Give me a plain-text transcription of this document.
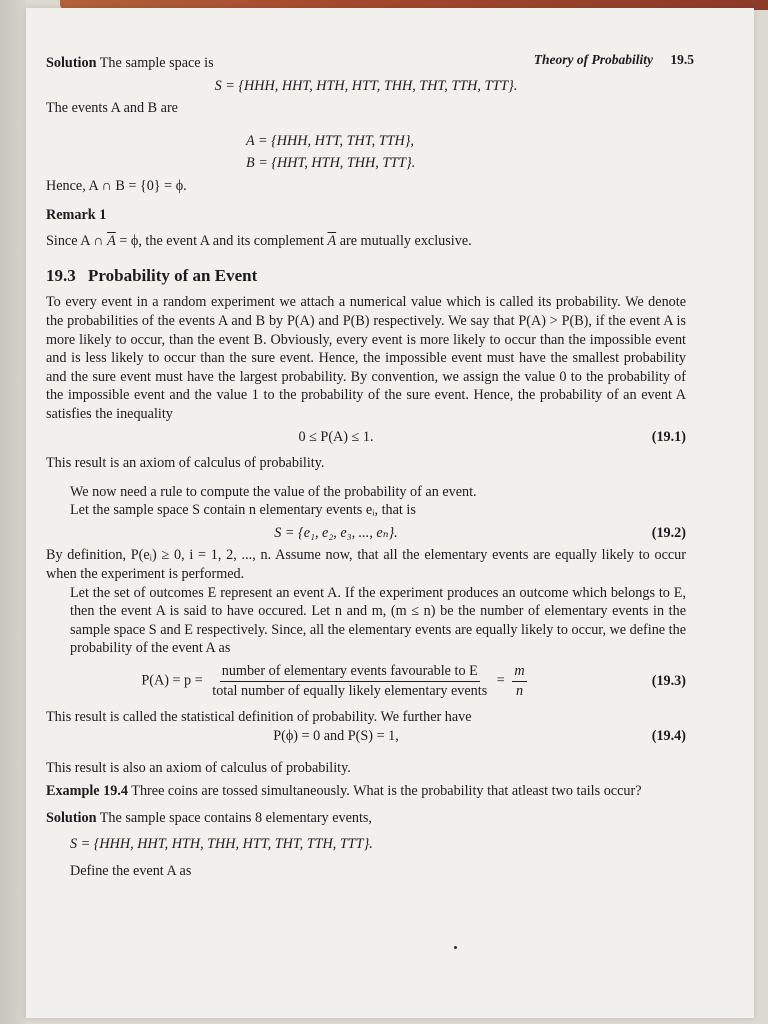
Theory of Probability 19.5

Solution The sample space is

S = {HHH, HHT, HTH, HTT, THH, THT, TTH, TTT}.

The events A and B are

A = {HHH, HTT, THT, TTH},

B = {HHT, HTH, THH, TTT}.

Hence, A ∩ B = {0} = ϕ.

Remark 1

Since A ∩ $\overline{A} = \phi$, the event A and its complement $\overline{A}$ are mutually exclusive.

19.3 Probability of an Event

To every event in a random experiment we attach a numerical value which is called its probability. We denote the probabilities of the events A and B by P(A) and P(B) respectively. We say that P(A) > P(B), if the event A is more likely to occur, than the event B. Obviously, every event is more likely to occur than the impossible event and is less likely to occur than the sure event. Hence, the impossible event must have the smallest probability and the sure event must have the largest probability. By convention, we assign the value 0 to the probability of the impossible event and the value 1 to the probability of the sure event. Hence, the probability of an event A satisfies the inequality

0 ≤ P(A) ≤ 1.	(19.1)

This result is an axiom of calculus of probability.

We now need a rule to compute the value of the probability of an event.

Let the sample space S contain n elementary events eᵢ, that is

S = {e₁, e₂, e₃, ..., eₙ}.	(19.2)

By definition, P(eᵢ) ≥ 0, i = 1, 2, ..., n. Assume now, that all the elementary events are equally likely to occur when the experiment is performed.

Let the set of outcomes E represent an event A. If the experiment produces an outcome which belongs to E, then the event A is said to have occured. Let n and m, (m ≤ n) be the number of elementary events in the sample space S and E respectively. Since, all the elementary events are equally likely to occur, we define the probability of the event A as

$P(A) = p = \frac{\text{number of elementary events favourable to E}}{\text{total number of equally likely elementary events}} = \frac{m}{n}$	(19.3)

This result is called the statistical definition of probability. We further have

P(ϕ) = 0 and P(S) = 1,	(19.4)

This result is also an axiom of calculus of probability.

Example 19.4 Three coins are tossed simultaneously. What is the probability that atleast two tails occur?

Solution The sample space contains 8 elementary events,

S = {HHH, HHT, HTH, THH, HTT, THT, TTH, TTT}.

Define the event A as
